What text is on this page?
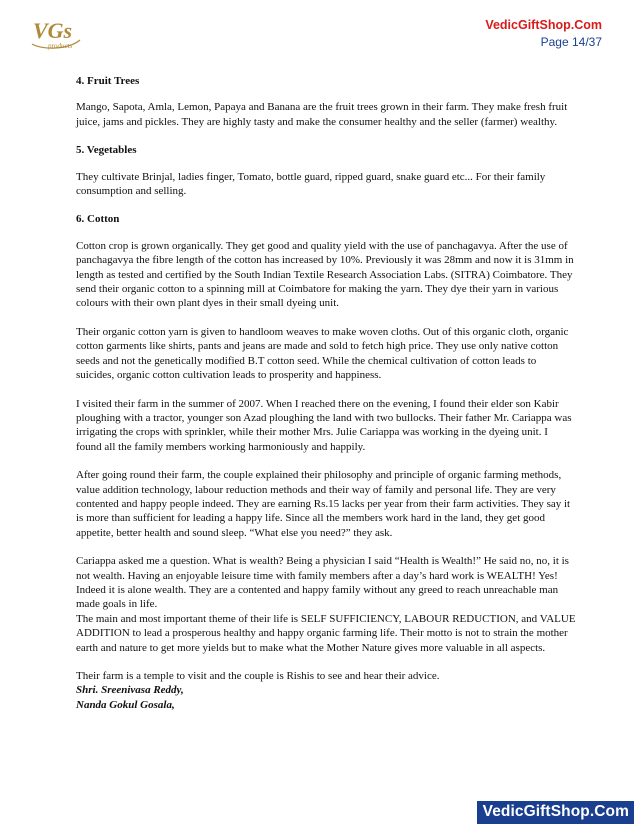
VGs
products
VedicGiftShop.Com
Page 14/37
4. Fruit Trees

Mango, Sapota, Amla, Lemon, Papaya and Banana are the fruit trees grown in their farm. They make fresh fruit juice, jams and pickles. They are highly tasty and make the consumer healthy and the seller (farmer) wealthy.

5. Vegetables

They cultivate Brinjal, ladies finger, Tomato, bottle guard, ripped guard, snake guard etc... For their family consumption and selling.

6. Cotton

Cotton crop is grown organically. They get good and quality yield with the use of panchagavya. After the use of panchagavya the fibre length of the cotton has increased by 10%. Previously it was 28mm and now it is 31mm in length as tested and certified by the South Indian Textile Research Association Labs. (SITRA) Coimbatore. They send their organic cotton to a spinning mill at Coimbatore for making the yarn. They dye their yarn in various colours with their own plant dyes in their small dyeing unit.

Their organic cotton yarn is given to handloom weaves to make woven cloths. Out of this organic cloth, organic cotton garments like shirts, pants and jeans are made and sold to fetch high price. They use only native cotton seeds and not the genetically modified B.T cotton seed. While the chemical cultivation of cotton leads to suicides, organic cotton cultivation leads to prosperity and happiness.

I visited their farm in the summer of 2007. When I reached there on the evening, I found their elder son Kabir ploughing with a tractor, younger son Azad ploughing the land with two bullocks. Their father Mr. Cariappa was irrigating the crops with sprinkler, while their mother Mrs. Julie Cariappa was working in the dyeing unit. I found all the family members working harmoniously and happily.

After going round their farm, the couple explained their philosophy and principle of organic farming methods, value addition technology, labour reduction methods and their way of family and personal life. They are very contented and happy people indeed. They are earning Rs.15 lacks per year from their farm activities. They say it is more than sufficient for leading a happy life. Since all the members work hard in the land, they get good appetite, better health and sound sleep. “What else you need?” they ask.

Cariappa asked me a question. What is wealth? Being a physician I said “Health is Wealth!” He said no, no, it is not wealth. Having an enjoyable leisure time with family members after a day’s hard work is WEALTH! Yes! Indeed it is alone wealth. They are a contented and happy family without any greed to reach unreachable man made goals in life.

The main and most important theme of their life is SELF SUFFICIENCY, LABOUR REDUCTION, and VALUE ADDITION to lead a prosperous healthy and happy organic farming life. Their motto is not to strain the mother earth and nature to get more yields but to make what the Mother Nature gives more valuable in all aspects.

Their farm is a temple to visit and the couple is Rishis to see and hear their advice.

Shri. Sreenivasa Reddy,
Nanda Gokul Gosala,
VedicGiftShop.Com
